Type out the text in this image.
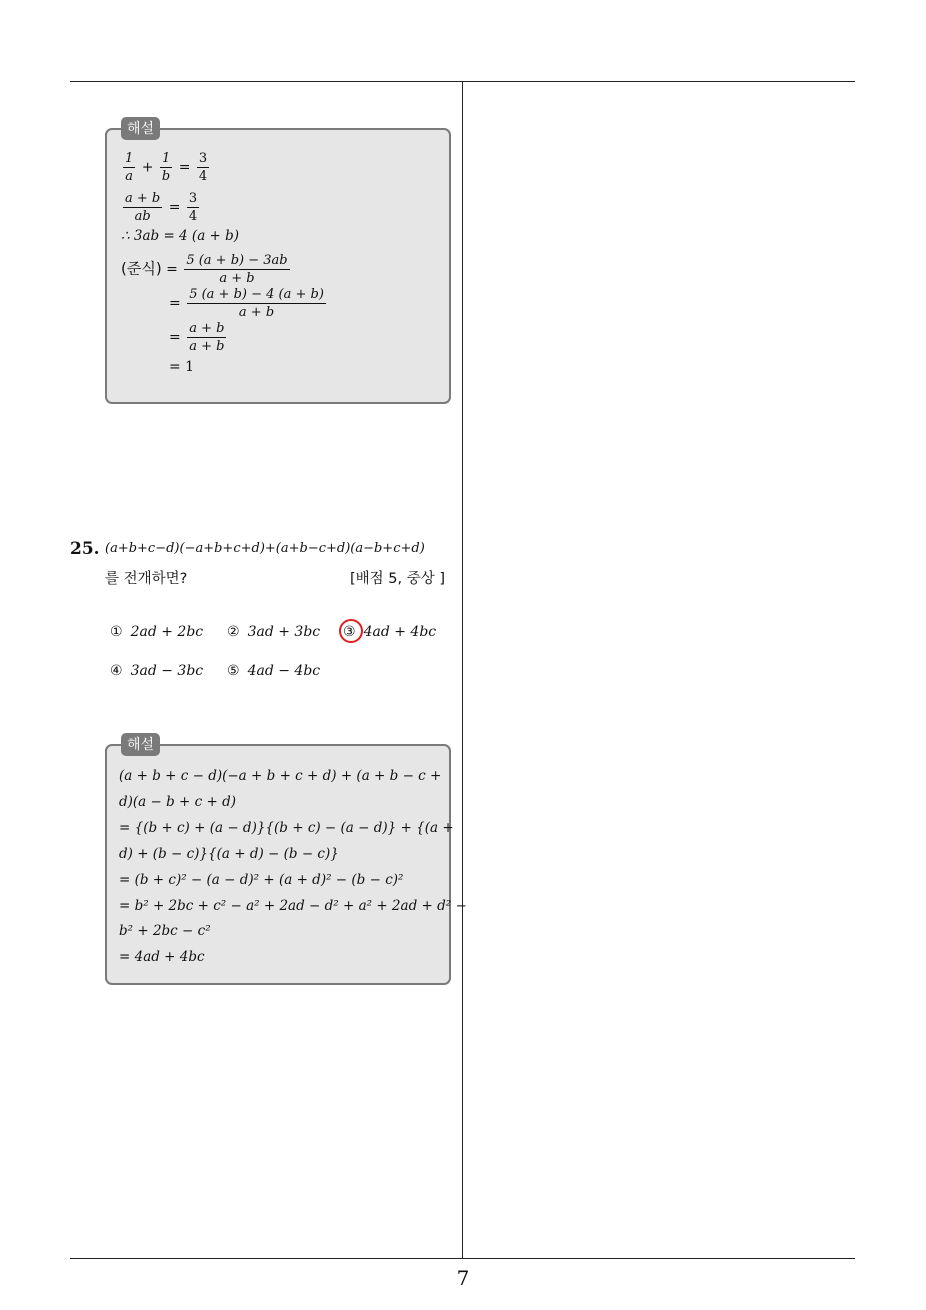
해설
$\frac{1}{a} + \frac{1}{b} = \frac{3}{4}$
$\frac{a + b}{ab} = \frac{3}{4}$
∴ 3ab = 4 (a + b)
(준식) = $\frac{5 (a + b) - 3ab}{a + b}$
= $\frac{5 (a + b) - 4 (a + b)}{a + b}$
= $\frac{a + b}{a + b}$
= 1
25. (a+b+c−d)(−a+b+c+d)+(a+b−c+d)(a−b+c+d)
를 전개하면?	[배점 5, 중상 ]
① 2ad + 2bc ② 3ad + 3bc ③ 4ad + 4bc
④ 3ad − 3bc ⑤ 4ad − 4bc
해설
(a + b + c − d)(−a + b + c + d) + (a + b − c +
d)(a − b + c + d)
= {(b + c) + (a − d)}{(b + c) − (a − d)} + {(a +
d) + (b − c)}{(a + d) − (b − c)}
= (b + c)² − (a − d)² + (a + d)² − (b − c)²
= b² + 2bc + c² − a² + 2ad − d² + a² + 2ad + d² −
b² + 2bc − c²
= 4ad + 4bc
7
